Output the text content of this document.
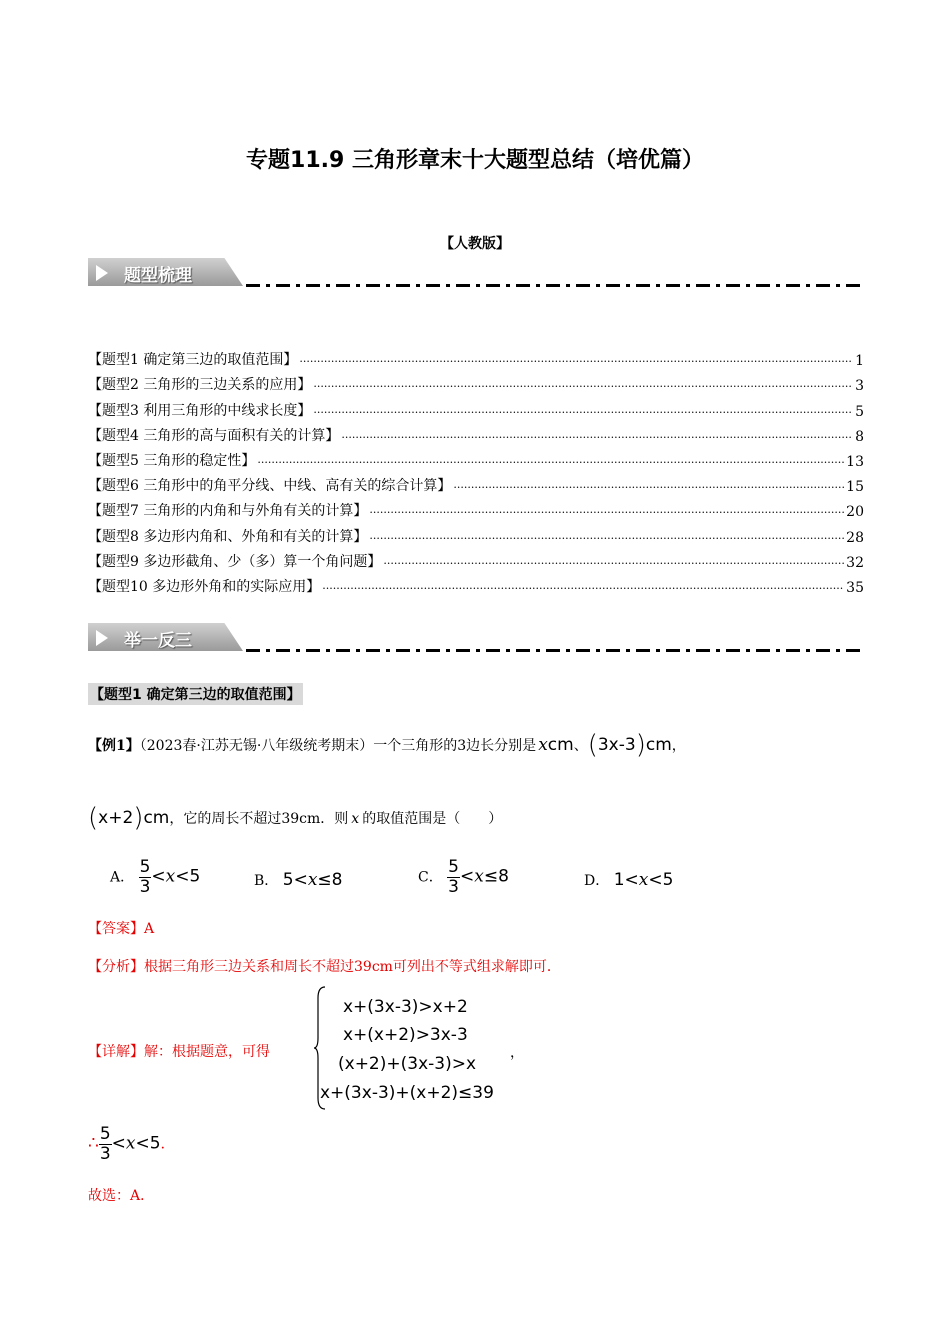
专题11.9 三角形章末十大题型总结（培优篇）
【人教版】
题型梳理
【题型1 确定第三边的取值范围】 .....	1
【题型2 三角形的三边关系的应用】 .....	3
【题型3 利用三角形的中线求长度】 .....	5
【题型4 三角形的高与面积有关的计算】 .....	8
【题型5 三角形的稳定性】 .....	13
【题型6 三角形中的角平分线、中线、高有关的综合计算】 .....	15
【题型7 三角形的内角和与外角有关的计算】 .....	20
【题型8 多边形内角和、外角和有关的计算】 .....	28
【题型9 多边形截角、少（多）算一个角问题】 .....	32
【题型10 多边形外角和的实际应用】 .....	35
举一反三
【题型1 确定第三边的取值范围】
【例1】（2023春·江苏无锡·八年级统考期末）一个三角形的3边长分别是 xcm、(3x-3)cm，
(x+2)cm，它的周长不超过39cm．则 x 的取值范围是（　　）
A． $\frac{5}{3} <x<5$	B． 5<x≤8	C． $\frac{5}{3} <x\le 8$	D． 1<x<5
【答案】A
【分析】根据三角形三边关系和周长不超过39cm可列出不等式组求解即可．
【详解】解：根据题意，可得
x+(3x-3)>x+2
x+(x+2)>3x-3
(x+2)+(3x-3)>x
x+(3x-3)+(x+2)≤39
，
∴ $\frac{5}{3} <x<5$．
故选：A．
